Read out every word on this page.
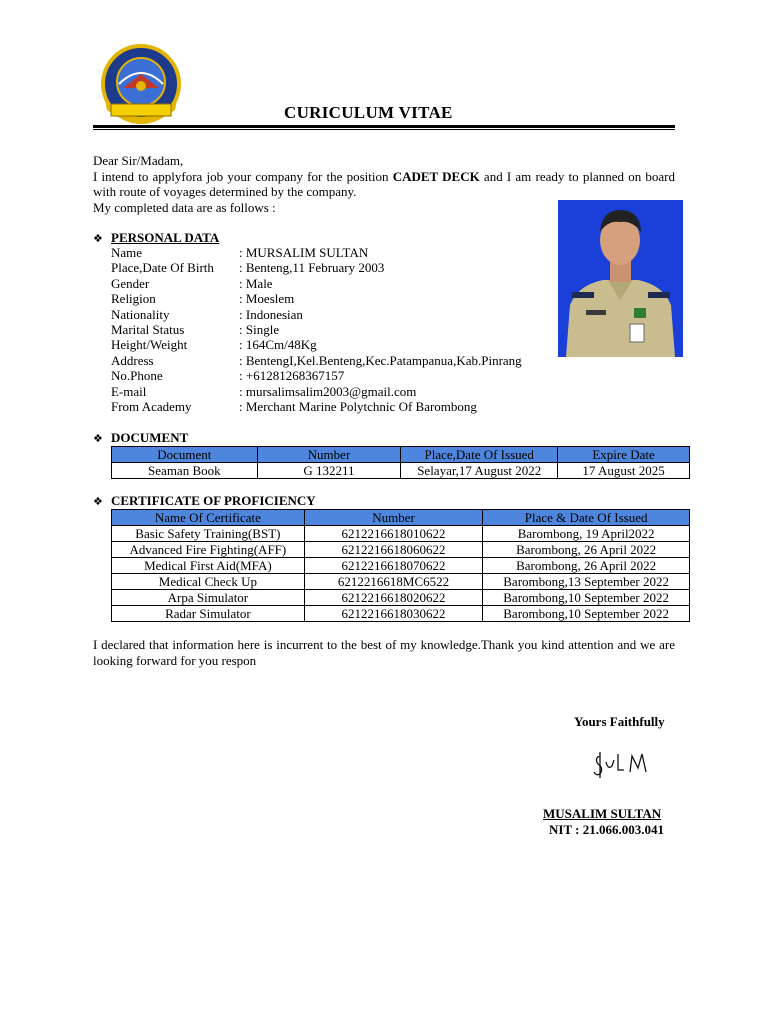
CURICULUM VITAE
Dear Sir/Madam,
I intend to applyfora job your company for the position CADET DECK and I am ready to planned on board with route of voyages determined by the company.
My completed data are as follows :
❖ PERSONAL DATA
Name	: MURSALIM SULTAN
Place,Date Of Birth : Benteng,11 February 2003
Gender	: Male
Religion	: Moeslem
Nationality	: Indonesian
Marital Status	: Single
Height/Weight	: 164Cm/48Kg
Address	: BentengI,Kel.Benteng,Kec.Patampanua,Kab.Pinrang
No.Phone	: +61281268367157
E-mail	: mursalimsalim2003@gmail.com
From Academy	: Merchant Marine Polytchnic Of Barombong
❖ DOCUMENT
Document	Number	Place,Date Of Issued	Expire Date
Seaman Book	G 132211	Selayar,17 August 2022	17 August 2025
❖ CERTIFICATE OF PROFICIENCY
Name Of Certificate	Number	Place & Date Of Issued
Basic Safety Training(BST)	6212216618010622	Barombong, 19 April2022
Advanced Fire Fighting(AFF)	6212216618060622	Barombong, 26 April 2022
Medical First Aid(MFA)	6212216618070622	Barombong, 26 April 2022
Medical Check Up	6212216618MC6522	Barombong,13 September 2022
Arpa Simulator	6212216618020622	Barombong,10 September 2022
Radar Simulator	6212216618030622	Barombong,10 September 2022
I declared that information here is incurrent to the best of my knowledge.Thank you kind attention and we are looking forward for you respon
Yours Faithfully
MUSALIM SULTAN
NIT : 21.066.003.041
